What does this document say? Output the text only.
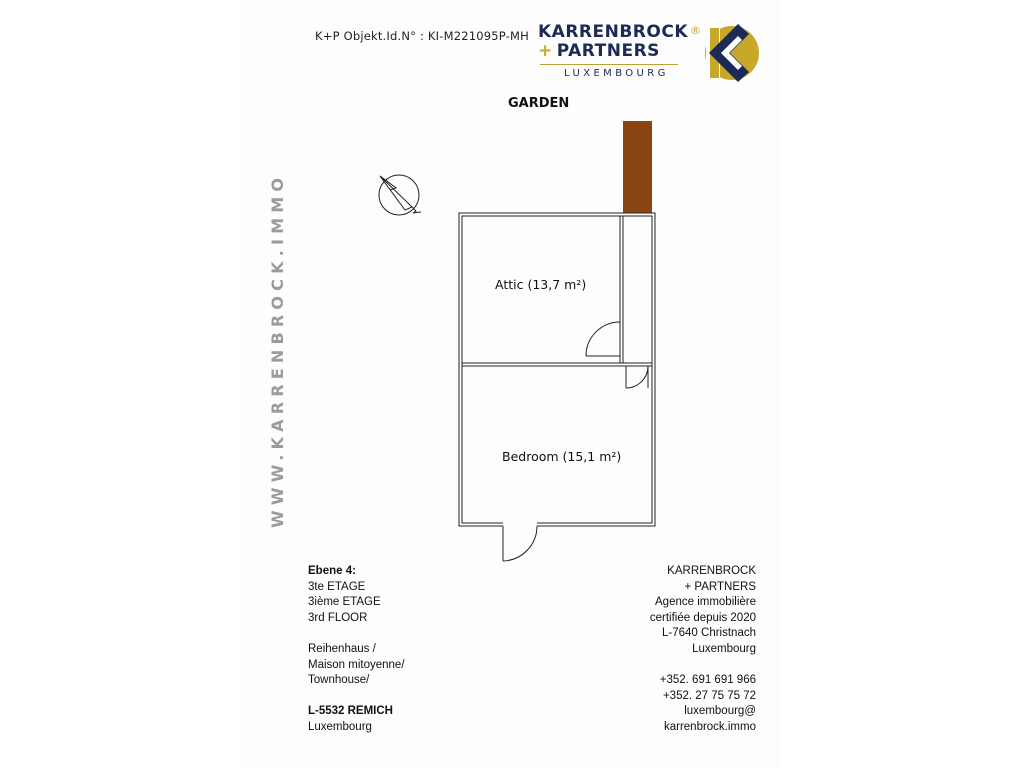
K+P Objekt.Id.N° : KI-M221095P-MH KARRENBROCK ®
+ PARTNERS
LUXEMBOURG
GARDEN
WWW.KARRENBROCK.IMMO	Attic (13,7 m²)
Bedroom (15,1 m²)
Ebene 4:
3te ETAGE
3ième ETAGE
3rd FLOOR
Reihenhaus /
Maison mitoyenne/
Townhouse/
L-5532 REMICH
Luxembourg
KARRENBROCK
+ PARTNERS
Agence immobilière
certifiée depuis 2020
L-7640 Christnach
Luxembourg
+352. 691 691 966
+352. 27 75 75 72
luxembourg@
karrenbrock.immo
